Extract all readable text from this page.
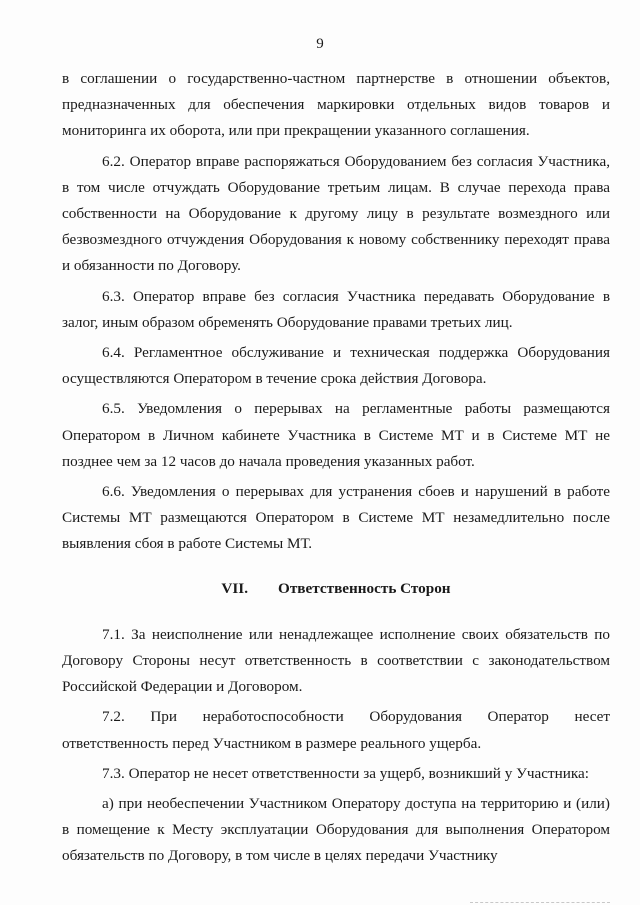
9

в соглашении о государственно-частном партнерстве в отношении объектов, предназначенных для обеспечения маркировки отдельных видов товаров и мониторинга их оборота, или при прекращении указанного соглашения.

6.2. Оператор вправе распоряжаться Оборудованием без согласия Участника, в том числе отчуждать Оборудование третьим лицам. В случае перехода права собственности на Оборудование к другому лицу в результате возмездного или безвозмездного отчуждения Оборудования к новому собственнику переходят права и обязанности по Договору.

6.3. Оператор вправе без согласия Участника передавать Оборудование в залог, иным образом обременять Оборудование правами третьих лиц.

6.4. Регламентное обслуживание и техническая поддержка Оборудования осуществляются Оператором в течение срока действия Договора.

6.5. Уведомления о перерывах на регламентные работы размещаются Оператором в Личном кабинете Участника в Системе МТ и в Системе МТ не позднее чем за 12 часов до начала проведения указанных работ.

6.6. Уведомления о перерывах для устранения сбоев и нарушений в работе Системы МТ размещаются Оператором в Системе МТ незамедлительно после выявления сбоя в работе Системы МТ.

VII. Ответственность Сторон

7.1. За неисполнение или ненадлежащее исполнение своих обязательств по Договору Стороны несут ответственность в соответствии с законодательством Российской Федерации и Договором.

7.2. При неработоспособности Оборудования Оператор несет ответственность перед Участником в размере реального ущерба.

7.3. Оператор не несет ответственности за ущерб, возникший у Участника:

а) при необеспечении Участником Оператору доступа на территорию и (или) в помещение к Месту эксплуатации Оборудования для выполнения Оператором обязательств по Договору, в том числе в целях передачи Участнику
